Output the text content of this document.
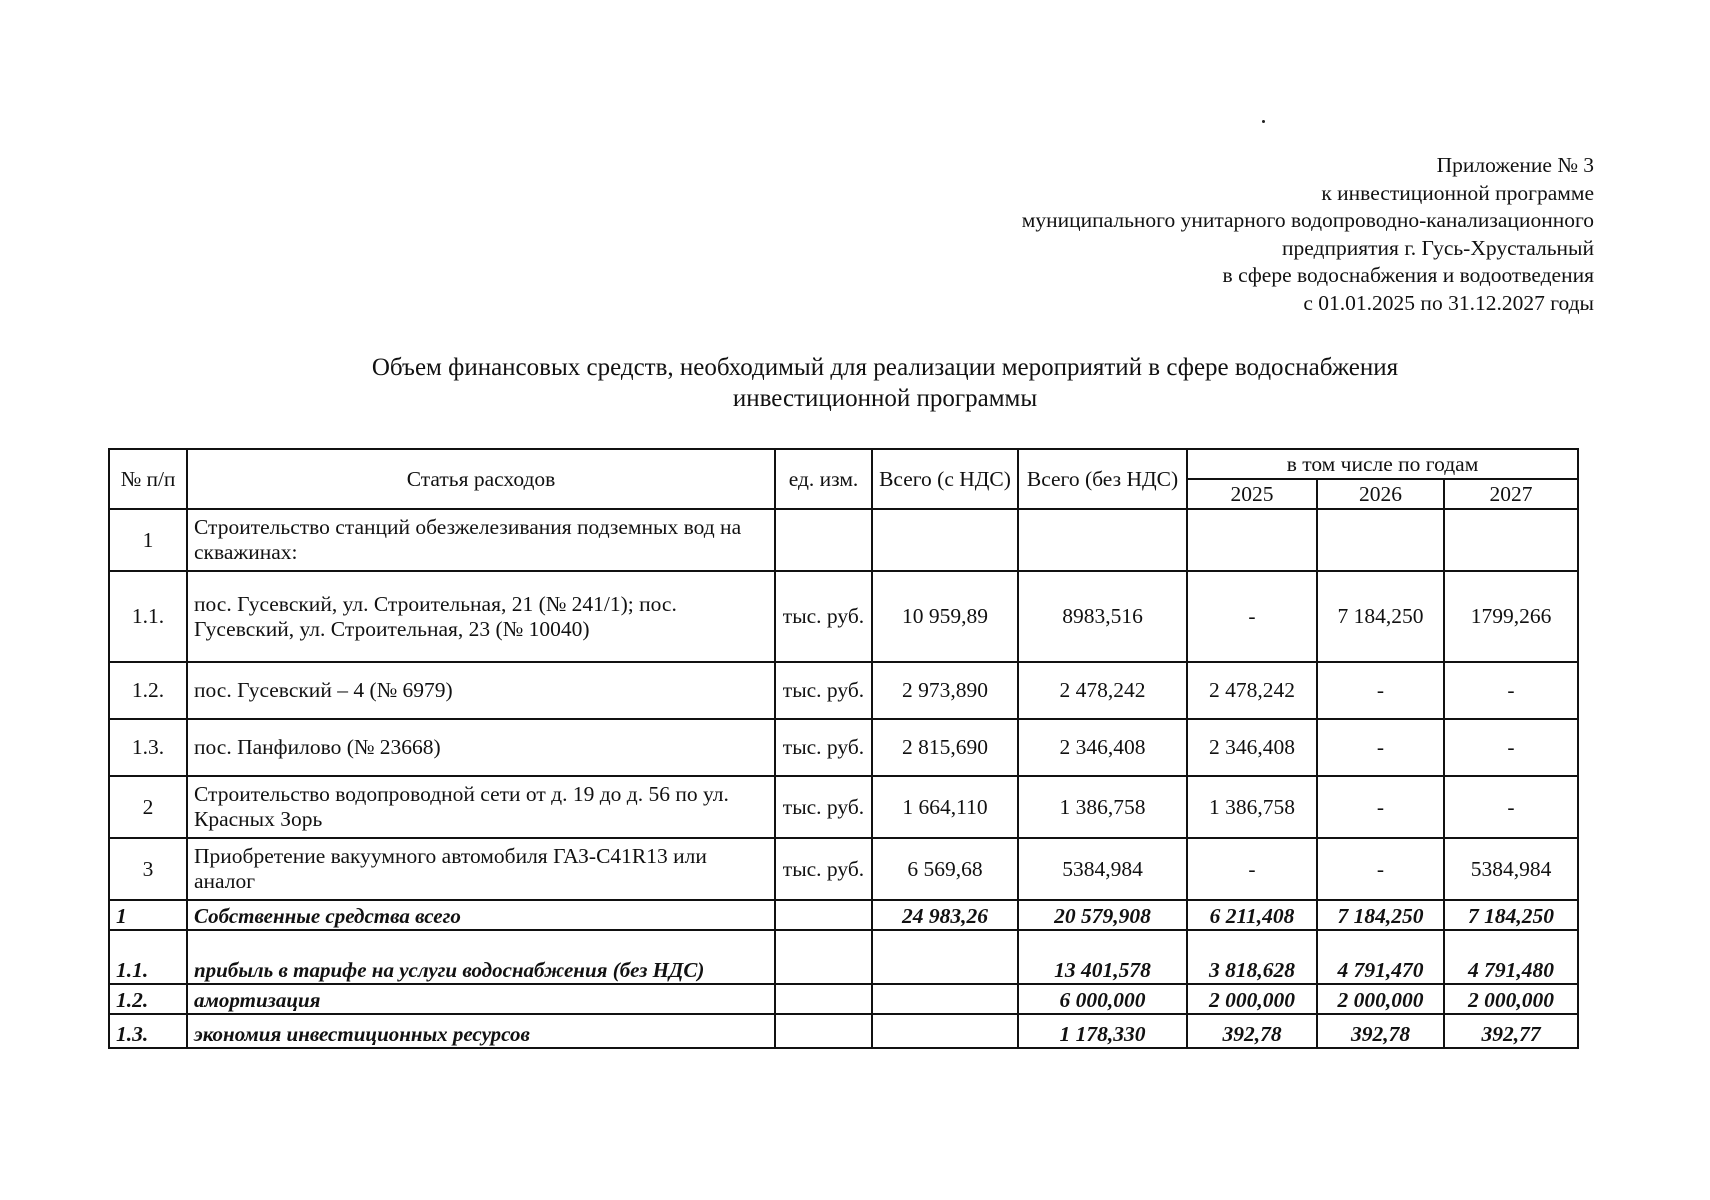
Приложение № 3
к инвестиционной программе
муниципального унитарного водопроводно-канализационного
предприятия г. Гусь-Хрустальный
в сфере водоснабжения и водоотведения
с 01.01.2025 по 31.12.2027 годы
Объем финансовых средств, необходимый для реализации мероприятий в сфере водоснабжения
инвестиционной программы
№ п/п	Статья расходов	ед. изм.	Всего (с НДС)	Всего (без НДС)	в том числе по годам		
					2025	2026	2027
1	Строительство станций обезжелезивания подземных вод на скважинах:						
1.1.	пос. Гусевский, ул. Строительная, 21 (№ 241/1); пос. Гусевский, ул. Строительная, 23 (№ 10040)	тыс. руб.	10 959,89	8983,516	-	7 184,250	1799,266
1.2.	пос. Гусевский – 4 (№ 6979)	тыс. руб.	2 973,890	2 478,242	2 478,242	-	-
1.3.	пос. Панфилово (№ 23668)	тыс. руб.	2 815,690	2 346,408	2 346,408	-	-
2	Строительство водопроводной сети от д. 19 до д. 56 по ул. Красных Зорь	тыс. руб.	1 664,110	1 386,758	1 386,758	-	-
3	Приобретение вакуумного автомобиля ГАЗ-С41R13 или аналог	тыс. руб.	6 569,68	5384,984	-	-	5384,984
1	Собственные средства всего		24 983,26	20 579,908	6 211,408	7 184,250	7 184,250
1.1.	прибыль в тарифе на услуги водоснабжения (без НДС)			13 401,578	3 818,628	4 791,470	4 791,480
1.2.	амортизация			6 000,000	2 000,000	2 000,000	2 000,000
1.3.	экономия инвестиционных ресурсов			1 178,330	392,78	392,78	392,77
